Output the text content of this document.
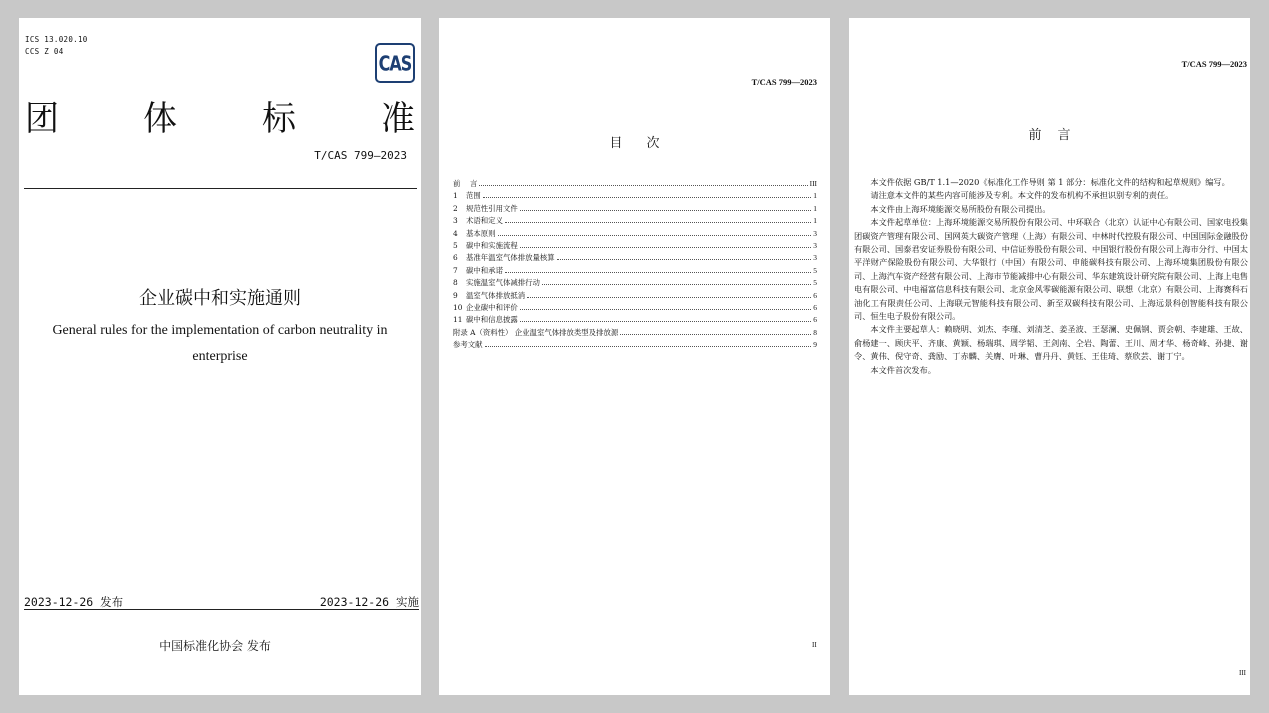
ICS 13.020.10
CCS Z 04	CAS
团 体	标	准
T/CAS 799—2023
企业碳中和实施通则
General rules for the implementation of carbon neutrality in enterprise
2023-12-26 发布	2023-12-26 实施
中国标准化协会 发布
T/CAS 799—2023
目次
前	言	III
1	范围	1
2	规范性引用文件	1
3	术语和定义	1
4	基本原则	3
5	碳中和实施流程	3
6	基准年温室气体排放量核算	3
7	碳中和承诺	5
8	实施温室气体减排行动	5
9	温室气体排放抵消	6
10 企业碳中和评价	6
11 碳中和信息披露	6
附录 A （资料性） 企业温室气体排放类型及排放源	8
参考文献	9
II
T/CAS 799—2023
前言

本文件依据 GB/T 1.1—2020《标准化工作导则 第 1 部分：标准化文件的结构和起草规则》编写。

请注意本文件的某些内容可能涉及专利。本文件的发布机构不承担识别专利的责任。

本文件由上海环境能源交易所股份有限公司提出。

本文件起草单位：上海环境能源交易所股份有限公司、中环联合（北京）认证中心有限公司、国家电投集团碳资产管理有限公司、国网英大碳资产管理（上海）有限公司、中林时代控股有限公司、中国国际金融股份有限公司、国泰君安证券股份有限公司、中信证券股份有限公司、中国银行股份有限公司上海市分行、中国太平洋财产保险股份有限公司、大华银行（中国）有限公司、申能碳科技有限公司、上海环境集团股份有限公司、上海汽车资产经营有限公司、上海市节能减排中心有限公司、华东建筑设计研究院有限公司、上海上电售电有限公司、中电福富信息科技有限公司、北京金风零碳能源有限公司、联想（北京）有限公司、上海赛科石油化工有限责任公司、上海联元智能科技有限公司、新至双碳科技有限公司、上海远景科创智能科技有限公司、恒生电子股份有限公司。

本文件主要起草人：赖晓明、刘杰、李瑾、刘清芝、姜圣波、王瑟澜、史佩钢、贾会朝、李建雄、王故、俞杨建一、顾庆平、齐康、黄颖、杨瑞琪、周学韬、王剑南、仝岩、陶蕾、王川、周才华、杨奇峰、孙捷、谢令、黄伟、倪守奇、龚励、丁赤麟、关膺、叶琳、曹丹丹、黄钰、王佳琦、蔡欣芸、谢丁宁。

本文件首次发布。

III
